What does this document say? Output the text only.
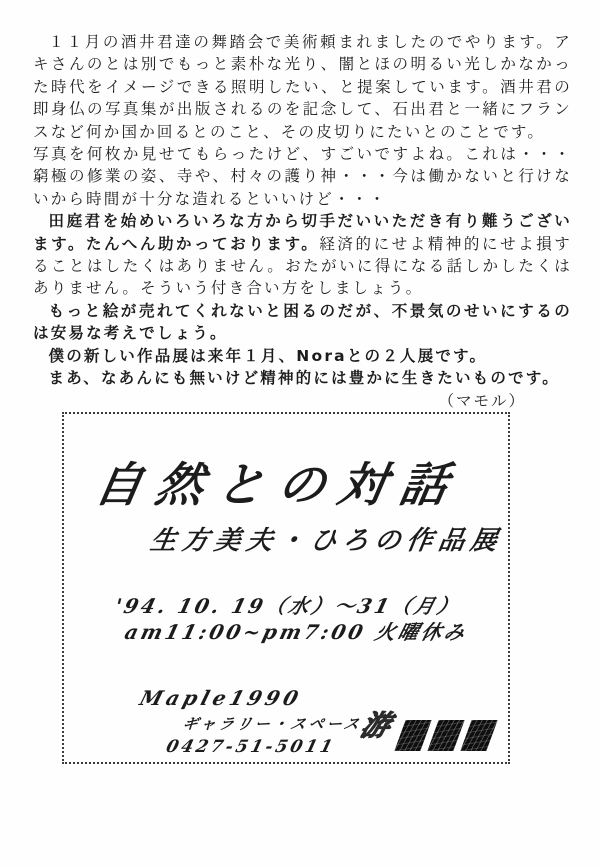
１１月の酒井君達の舞踏会で美術頼まれましたのでやります。アキさんのとは別でもっと素朴な光り、闇とほの明るい光しかなかった時代をイメージできる照明したい、と提案しています。酒井君の即身仏の写真集が出版されるのを記念して、石出君と一緒にフランスなど何か国か回るとのこと、その皮切りにたいとのことです。

写真を何枚か見せてもらったけど、すごいですよね。これは・・・　窮極の修業の姿、寺や、村々の護り神・・・今は働かないと行けないから時間が十分な造れるといいけど・・・

田庭君を始めいろいろな方から切手だいいただき有り難うございます。たんへん助かっております。経済的にせよ精神的にせよ損することはしたくはありません。おたがいに得になる話しかしたくはありません。そういう付き合い方をしましょう。

もっと絵が売れてくれないと困るのだが、不景気のせいにするのは安易な考えでしょう。

僕の新しい作品展は来年１月、Noraとの２人展です。

まあ、なあんにも無いけど精神的には豊かに生きたいものです。

（マモル）

自然との対話
生方美夫・ひろの作品展
'94. 10. 19（水）〜31（月）
am11:00~pm7:00 火曜休み
Maple1990
ギャラリー・スペース游
0427-51-5011
